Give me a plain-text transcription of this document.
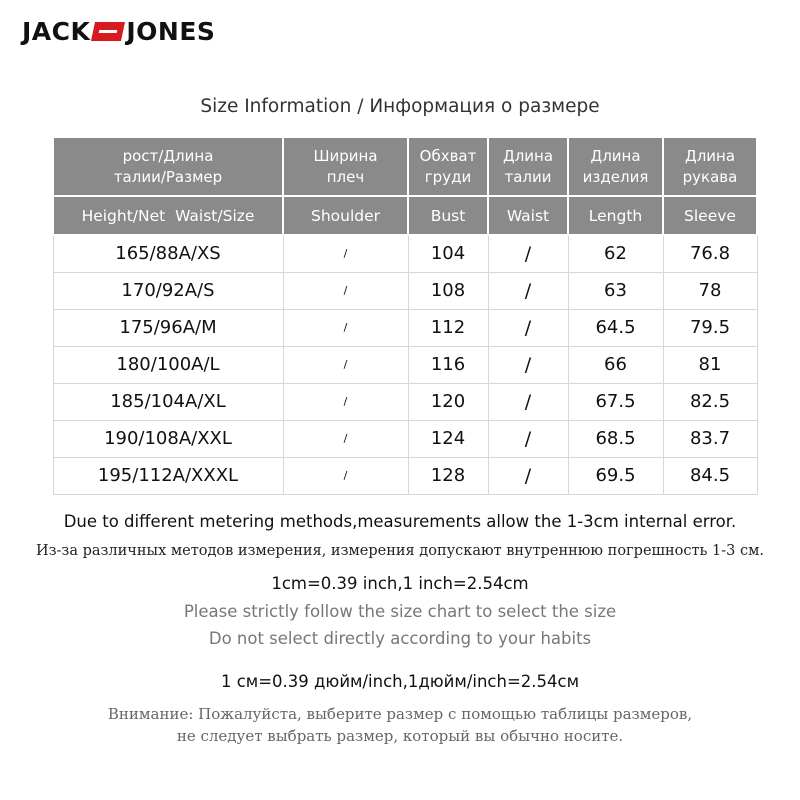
JACK JONES
Size Information / Информация о размере
рост/Длина талии/Размер	Ширина плеч	Обхват груди	Длина талии	Длина изделия	Длина рукава

Height/Net  Waist/Size	Shoulder	Bust	Waist	Length	Sleeve
165/88A/XS	/	104	/	62	76.8
170/92A/S	/	108	/	63	78
175/96A/M	/	112	/	64.5	79.5
180/100A/L	/	116	/	66	81
185/104A/XL	/	120	/	67.5	82.5
190/108A/XXL	/	124	/	68.5	83.7
195/112A/XXXL	/	128	/	69.5	84.5
Due to different metering methods,measurements allow the 1-3cm internal error.
Из-за различных методов измерения, измерения допускают внутреннюю погрешность 1-3 см.
1cm=0.39 inch,1 inch=2.54cm
Please strictly follow the size chart to select the size
Do not select directly according to your habits
1 см=0.39 дюйм/inch,1дюйм/inch=2.54см
Внимание: Пожалуйста, выберите размер с помощью таблицы размеров,
не следует выбрать размер, который вы обычно носите.
